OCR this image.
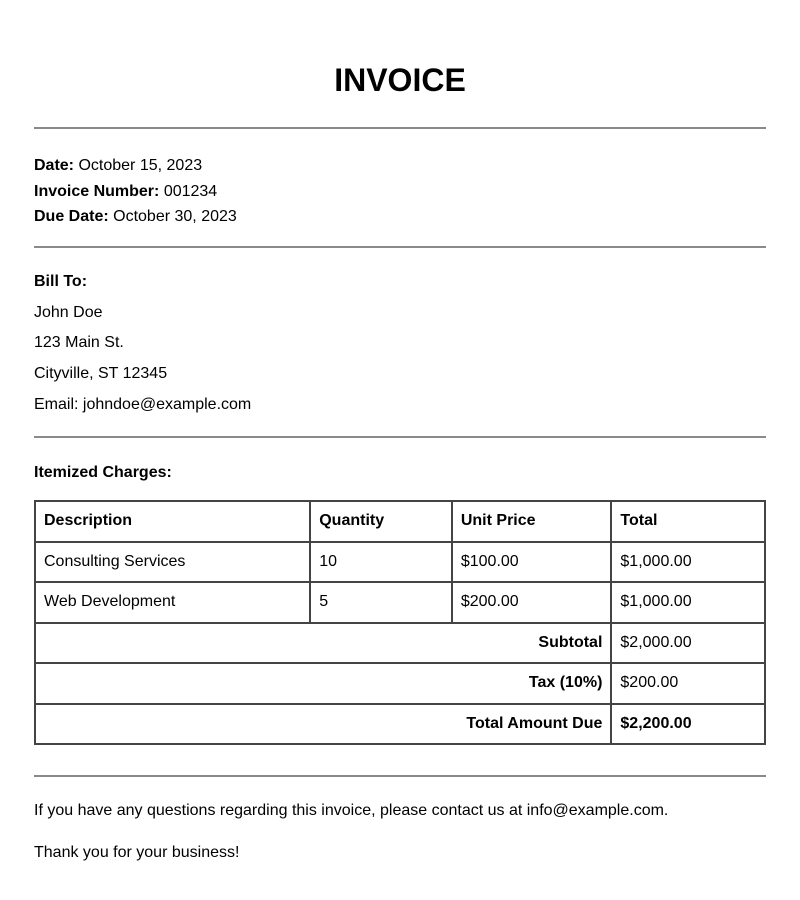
INVOICE
Date: October 15, 2023
Invoice Number: 001234
Due Date: October 30, 2023
Bill To:
John Doe
123 Main St.
Cityville, ST 12345
Email: johndoe@example.com
Itemized Charges:
Description	Quantity	Unit Price	Total
Consulting Services	10	$100.00	$1,000.00
Web Development	5	$200.00	$1,000.00
Subtotal			$2,000.00
Tax (10%)			$200.00
Total Amount Due			$2,200.00
If you have any questions regarding this invoice, please contact us at info@example.com.
Thank you for your business!
